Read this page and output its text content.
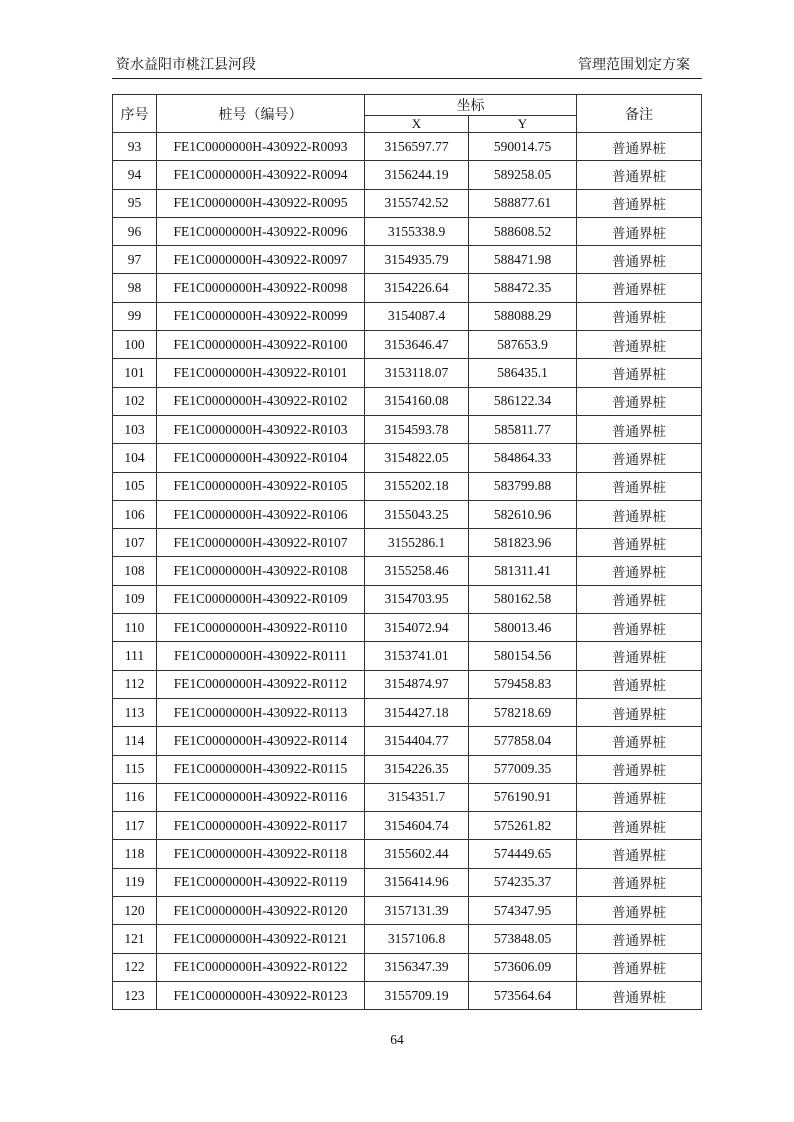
资水益阳市桃江县河段	管理范围划定方案
序号	桩号（编号）	坐标		备注
		X	Y	
93	FE1C0000000H-430922-R0093	3156597.77	590014.75	普通界桩
94	FE1C0000000H-430922-R0094	3156244.19	589258.05	普通界桩
95	FE1C0000000H-430922-R0095	3155742.52	588877.61	普通界桩
96	FE1C0000000H-430922-R0096	3155338.9	588608.52	普通界桩
97	FE1C0000000H-430922-R0097	3154935.79	588471.98	普通界桩
98	FE1C0000000H-430922-R0098	3154226.64	588472.35	普通界桩
99	FE1C0000000H-430922-R0099	3154087.4	588088.29	普通界桩
100	FE1C0000000H-430922-R0100	3153646.47	587653.9	普通界桩
101	FE1C0000000H-430922-R0101	3153118.07	586435.1	普通界桩
102	FE1C0000000H-430922-R0102	3154160.08	586122.34	普通界桩
103	FE1C0000000H-430922-R0103	3154593.78	585811.77	普通界桩
104	FE1C0000000H-430922-R0104	3154822.05	584864.33	普通界桩
105	FE1C0000000H-430922-R0105	3155202.18	583799.88	普通界桩
106	FE1C0000000H-430922-R0106	3155043.25	582610.96	普通界桩
107	FE1C0000000H-430922-R0107	3155286.1	581823.96	普通界桩
108	FE1C0000000H-430922-R0108	3155258.46	581311.41	普通界桩
109	FE1C0000000H-430922-R0109	3154703.95	580162.58	普通界桩
110	FE1C0000000H-430922-R0110	3154072.94	580013.46	普通界桩
111	FE1C0000000H-430922-R0111	3153741.01	580154.56	普通界桩
112	FE1C0000000H-430922-R0112	3154874.97	579458.83	普通界桩
113	FE1C0000000H-430922-R0113	3154427.18	578218.69	普通界桩
114	FE1C0000000H-430922-R0114	3154404.77	577858.04	普通界桩
115	FE1C0000000H-430922-R0115	3154226.35	577009.35	普通界桩
116	FE1C0000000H-430922-R0116	3154351.7	576190.91	普通界桩
117	FE1C0000000H-430922-R0117	3154604.74	575261.82	普通界桩
118	FE1C0000000H-430922-R0118	3155602.44	574449.65	普通界桩
119	FE1C0000000H-430922-R0119	3156414.96	574235.37	普通界桩
120	FE1C0000000H-430922-R0120	3157131.39	574347.95	普通界桩
121	FE1C0000000H-430922-R0121	3157106.8	573848.05	普通界桩
122	FE1C0000000H-430922-R0122	3156347.39	573606.09	普通界桩
123	FE1C0000000H-430922-R0123	3155709.19	573564.64	普通界桩
64
